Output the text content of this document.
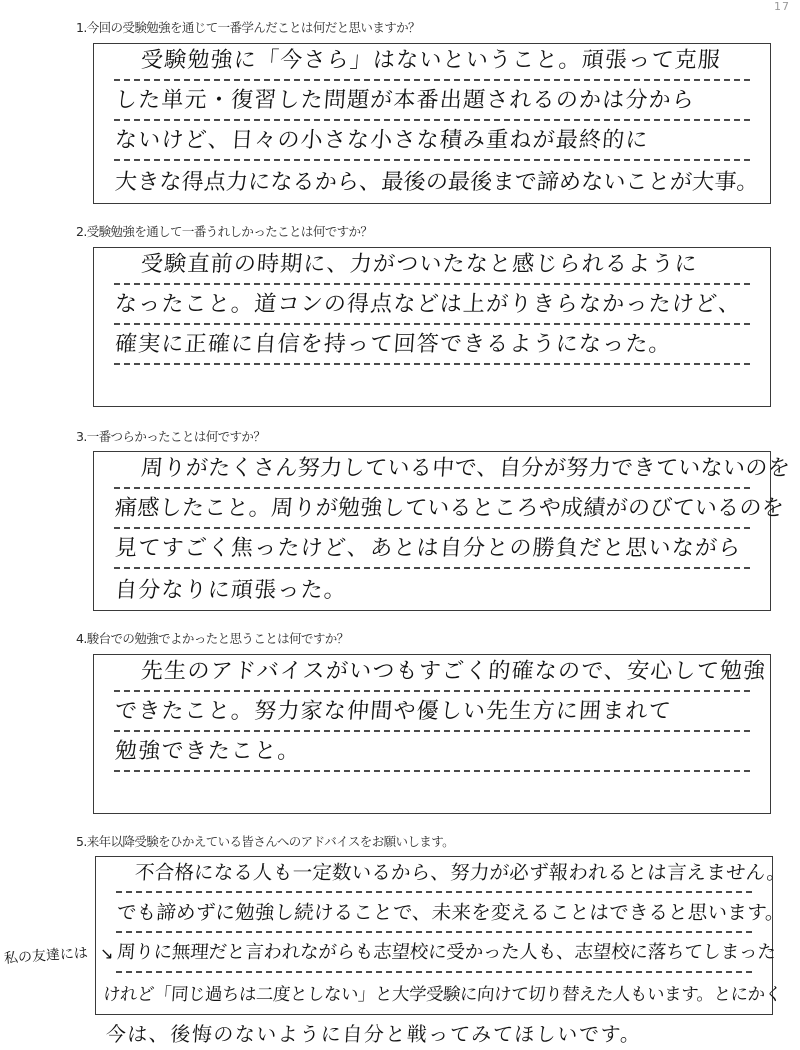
17
1.今回の受験勉強を通じて一番学んだことは何だと思いますか？
受験勉強に「今さら」はないということ。頑張って克服
した単元・復習した問題が本番出題されるのかは分から
ないけど、日々の小さな小さな積み重ねが最終的に
大きな得点力になるから、最後の最後まで諦めないことが大事。
2.受験勉強を通して一番うれしかったことは何ですか？
受験直前の時期に、力がついたなと感じられるように
なったこと。道コンの得点などは上がりきらなかったけど、
確実に正確に自信を持って回答できるようになった。
3.一番つらかったことは何ですか？
周りがたくさん努力している中で、自分が努力できていないのを
痛感したこと。周りが勉強しているところや成績がのびているのを
見てすごく焦ったけど、あとは自分との勝負だと思いながら
自分なりに頑張った。
4.駿台での勉強でよかったと思うことは何ですか？
先生のアドバイスがいつもすごく的確なので、安心して勉強
できたこと。努力家な仲間や優しい先生方に囲まれて
勉強できたこと。
5.来年以降受験をひかえている皆さんへのアドバイスをお願いします。
不合格になる人も一定数いるから、努力が必ず報われるとは言えません。
でも諦めずに勉強し続けることで、未来を変えることはできると思います。
周りに無理だと言われながらも志望校に受かった人も、志望校に落ちてしまった
けれど「同じ過ちは二度としない」と大学受験に向けて切り替えた人もいます。とにかく
今は、後悔のないように自分と戦ってみてほしいです。
私の友達には ↘
